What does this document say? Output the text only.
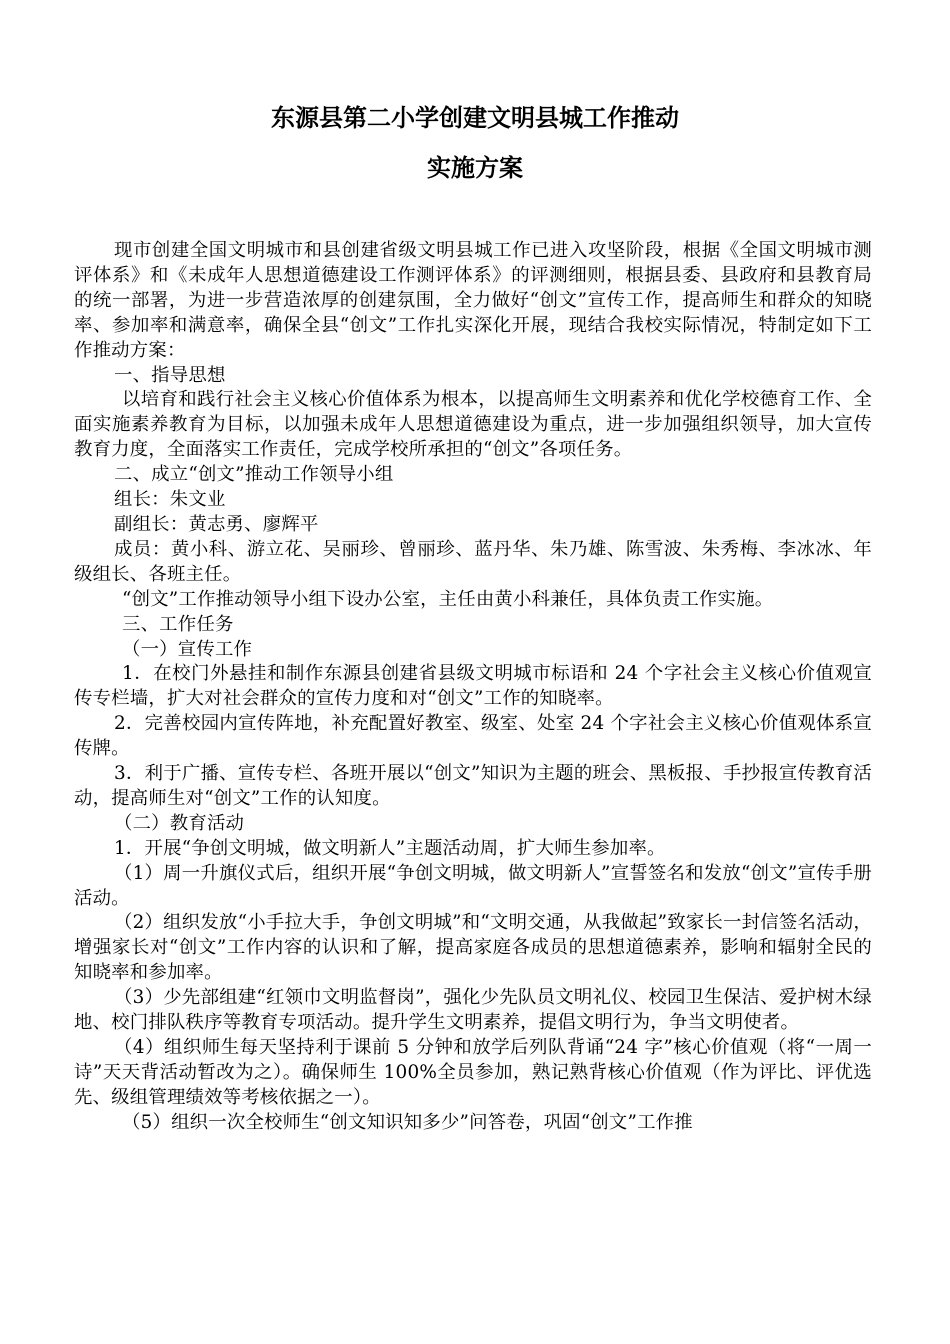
东源县第二小学创建文明县城工作推动
实施方案

现市创建全国文明城市和县创建省级文明县城工作已进入攻坚阶段，根据《全国文明城市测评体系》和《未成年人思想道德建设工作测评体系》的评测细则，根据县委、县政府和县教育局的统一部署，为进一步营造浓厚的创建氛围，全力做好“创文”宣传工作，提高师生和群众的知晓率、参加率和满意率，确保全县“创文”工作扎实深化开展，现结合我校实际情况，特制定如下工作推动方案：

一、指导思想

以培育和践行社会主义核心价值体系为根本，以提高师生文明素养和优化学校德育工作、全面实施素养教育为目标，以加强未成年人思想道德建设为重点，进一步加强组织领导，加大宣传教育力度，全面落实工作责任，完成学校所承担的“创文”各项任务。

二、成立“创文”推动工作领导小组

组长：朱文业

副组长：黄志勇、廖辉平

成员：黄小科、游立花、吴丽珍、曾丽珍、蓝丹华、朱乃雄、陈雪波、朱秀梅、李冰冰、年级组长、各班主任。

“创文”工作推动领导小组下设办公室，主任由黄小科兼任，具体负责工作实施。

三、工作任务

（一）宣传工作

1．在校门外悬挂和制作东源县创建省县级文明城市标语和 24 个字社会主义核心价值观宣传专栏墙，扩大对社会群众的宣传力度和对“创文”工作的知晓率。

2．完善校园内宣传阵地，补充配置好教室、级室、处室 24 个字社会主义核心价值观体系宣传牌。

3．利于广播、宣传专栏、各班开展以“创文”知识为主题的班会、黑板报、手抄报宣传教育活动，提高师生对“创文”工作的认知度。

（二）教育活动

1．开展“争创文明城，做文明新人”主题活动周，扩大师生参加率。

（1）周一升旗仪式后，组织开展“争创文明城，做文明新人”宣誓签名和发放“创文”宣传手册活动。

（2）组织发放“小手拉大手，争创文明城”和“文明交通，从我做起”致家长一封信签名活动，增强家长对“创文”工作内容的认识和了解，提高家庭各成员的思想道德素养，影响和辐射全民的知晓率和参加率。

（3）少先部组建“红领巾文明监督岗”，强化少先队员文明礼仪、校园卫生保洁、爱护树木绿地、校门排队秩序等教育专项活动。提升学生文明素养，提倡文明行为，争当文明使者。

（4）组织师生每天坚持利于课前 5 分钟和放学后列队背诵“24 字”核心价值观（将“一周一诗”天天背活动暂改为之）。确保师生 100%全员参加，熟记熟背核心价值观（作为评比、评优选先、级组管理绩效等考核依据之一）。

（5）组织一次全校师生“创文知识知多少”问答卷，巩固“创文”工作推
